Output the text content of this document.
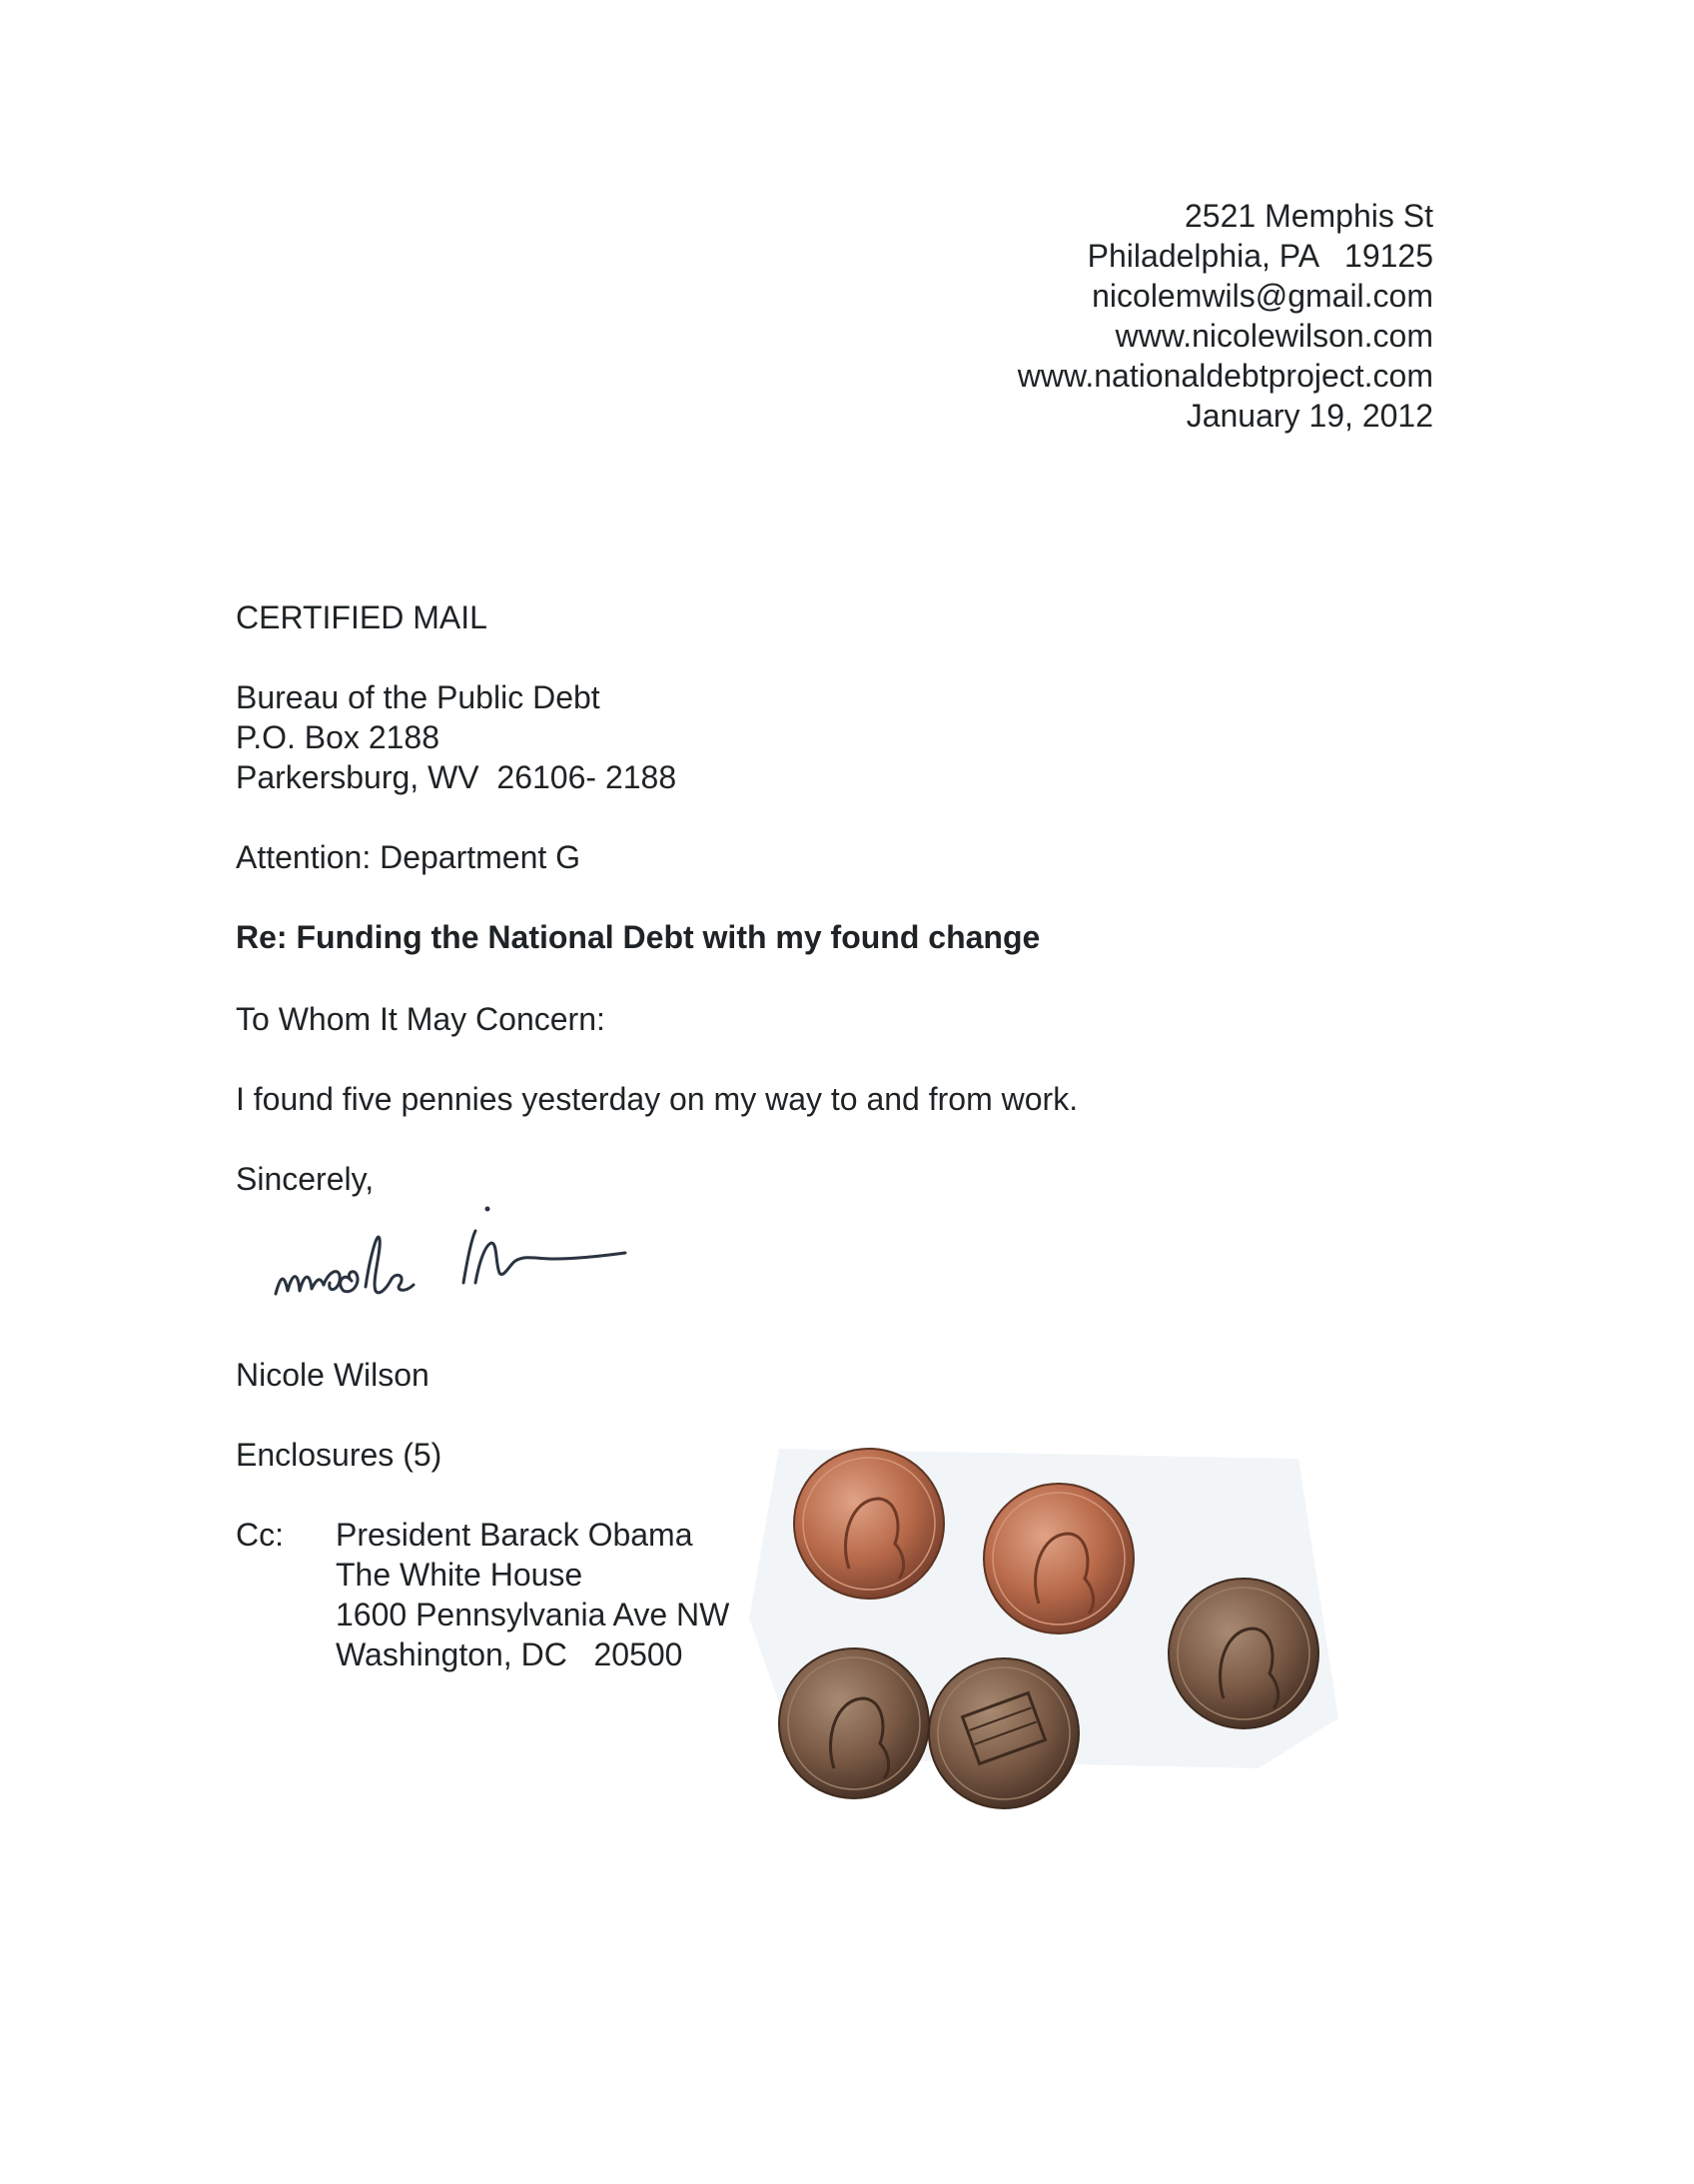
2521 Memphis St
Philadelphia, PA   19125
nicolemwils@gmail.com
www.nicolewilson.com
www.nationaldebtproject.com
January 19, 2012
CERTIFIED MAIL
Bureau of the Public Debt
P.O. Box 2188
Parkersburg, WV  26106- 2188
Attention: Department G
Re: Funding the National Debt with my found change
To Whom It May Concern:
I found five pennies yesterday on my way to and from work.
Sincerely,
Nicole Wilson
Enclosures (5)
Cc: President Barack Obama
The White House
1600 Pennsylvania Ave NW
Washington, DC   20500
